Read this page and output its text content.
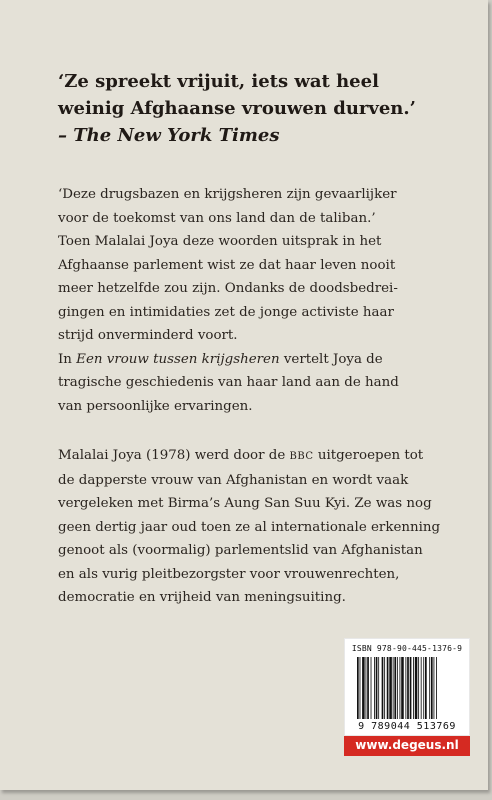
‘Ze spreekt vrijuit, iets wat heel
weinig Afghaanse vrouwen durven.’
– The New York Times
‘Deze drugsbazen en krijgsheren zijn gevaarlijker
voor de toekomst van ons land dan de taliban.’
Toen Malalai Joya deze woorden uitsprak in het
Afghaanse parlement wist ze dat haar leven nooit
meer hetzelfde zou zijn. Ondanks de doodsbedrei-
gingen en intimidaties zet de jonge activiste haar
strijd onverminderd voort.
In Een vrouw tussen krijgsheren vertelt Joya de
tragische geschiedenis van haar land aan de hand
van persoonlijke ervaringen.
Malalai Joya (1978) werd door de BBC uitgeroepen tot
de dapperste vrouw van Afghanistan en wordt vaak
vergeleken met Birma’s Aung San Suu Kyi. Ze was nog
geen dertig jaar oud toen ze al internationale erkenning
genoot als (voormalig) parlementslid van Afghanistan
en als vurig pleitbezorgster voor vrouwenrechten,
democratie en vrijheid van meningsuiting.
ISBN 978-90-445-1376-9
9 789044 513769
www.degeus.nl
